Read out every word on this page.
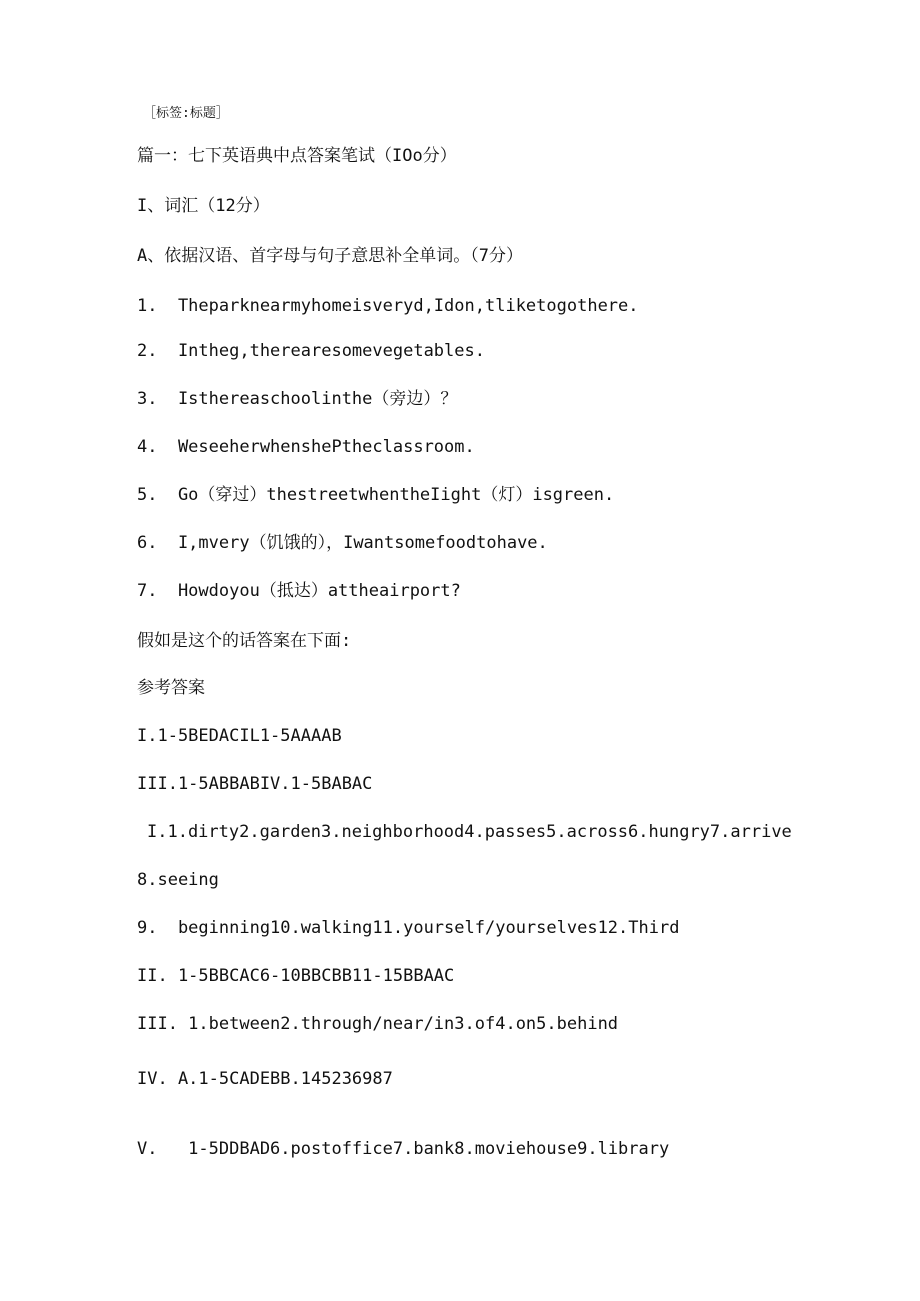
［标签:标题］
篇一：七下英语典中点答案笔试（IOo分）
I、词汇（12分）
A、依据汉语、首字母与句子意思补全单词。（7分）
1.  Theparknearmyhomeisveryd,Idon,tliketogothere.
2.  Intheg,therearesomevegetables.
3.  Isthereaschoolinthe（旁边）？
4.  WeseeherwhenshePtheclassroom.
5.  Go（穿过）thestreetwhentheIight（灯）isgreen.
6.  I,mvery（饥饿的），Iwantsomefoodtohave.
7.  Howdoyou（抵达）attheairport?
假如是这个的话答案在下面:
参考答案
I.1-5BEDACIL1-5AAAAB
III.1-5ABBABIV.1-5BABAC
I.1.dirty2.garden3.neighborhood4.passes5.across6.hungry7.arrive
8.seeing
9.  beginning10.walking11.yourself/yourselves12.Third
II. 1-5BBCAC6-10BBCBB11-15BBAAC
III. 1.between2.through/near/in3.of4.on5.behind
IV. A.1-5CADEBB.145236987
V.   1-5DDBAD6.postoffice7.bank8.moviehouse9.library
